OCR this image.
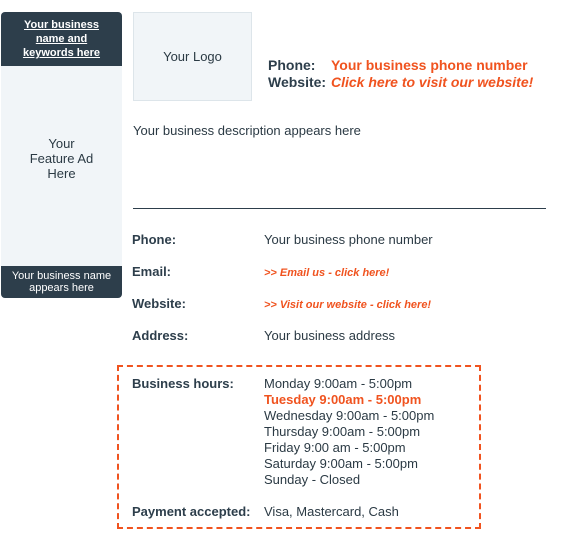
Your business name and keywords here
Your Feature Ad Here
Your business name appears here
Your Logo
Phone: Your business phone number
Website: Click here to visit our website!
Your business description appears here
Phone:	Your business phone number
Email:	>> Email us - click here!
Website:	>> Visit our website - click here!
Address:	Your business address
Business hours:	Monday 9:00am - 5:00pm
Tuesday 9:00am - 5:00pm
Wednesday 9:00am - 5:00pm
Thursday 9:00am - 5:00pm
Friday 9:00 am - 5:00pm
Saturday 9:00am - 5:00pm
Sunday - Closed
Payment accepted: Visa, Mastercard, Cash
